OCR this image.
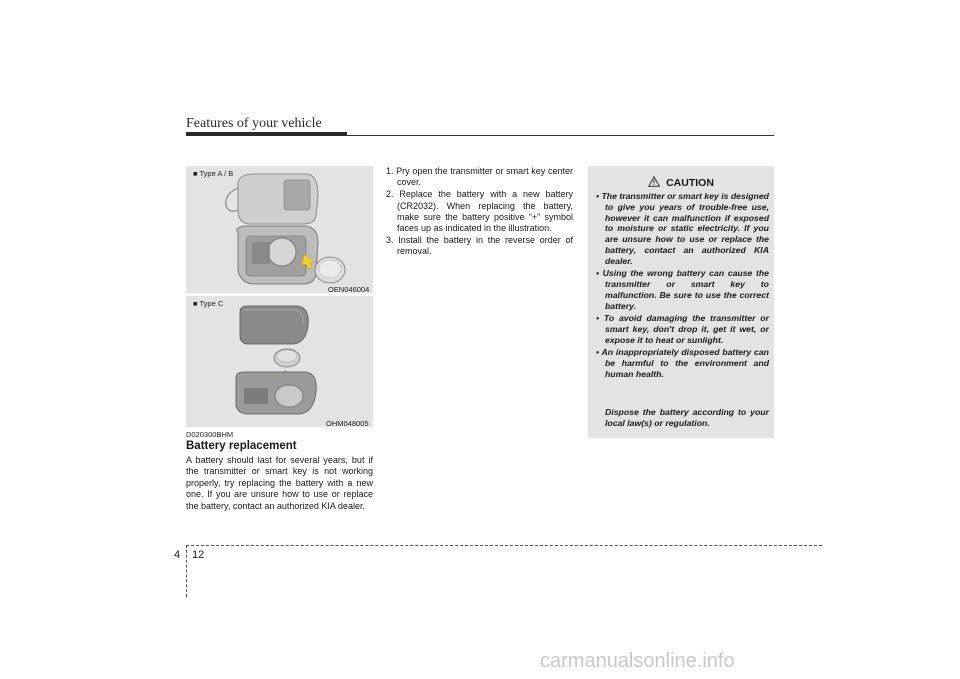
Features of your vehicle
■ Type A / B
OEN046004
■ Type C
OHM048005
D020300BHM
Battery replacement

A battery should last for several years, but if the transmitter or smart key is not working properly, try replacing the battery with a new one. If you are unsure how to use or replace the battery, contact an authorized KIA dealer.

1. Pry open the transmitter or smart key center cover.
2. Replace the battery with a new battery (CR2032). When replacing the battery, make sure the battery positive “+” symbol faces up as indicated in the illustration.
3. Install the battery in the reverse order of removal.
CAUTION
• The transmitter or smart key is designed to give you years of trouble-free use, however it can malfunction if exposed to moisture or static electricity. If you are unsure how to use or replace the battery, contact an authorized KIA dealer.
• Using the wrong battery can cause the transmitter or smart key to malfunction. Be sure to use the correct battery.
• To avoid damaging the transmitter or smart key, don't drop it, get it wet, or expose it to heat or sunlight.
• An inappropriately disposed battery can be harmful to the environment and human health.

Dispose the battery according to your local law(s) or regulation.

4 12
carmanualsonline.info
